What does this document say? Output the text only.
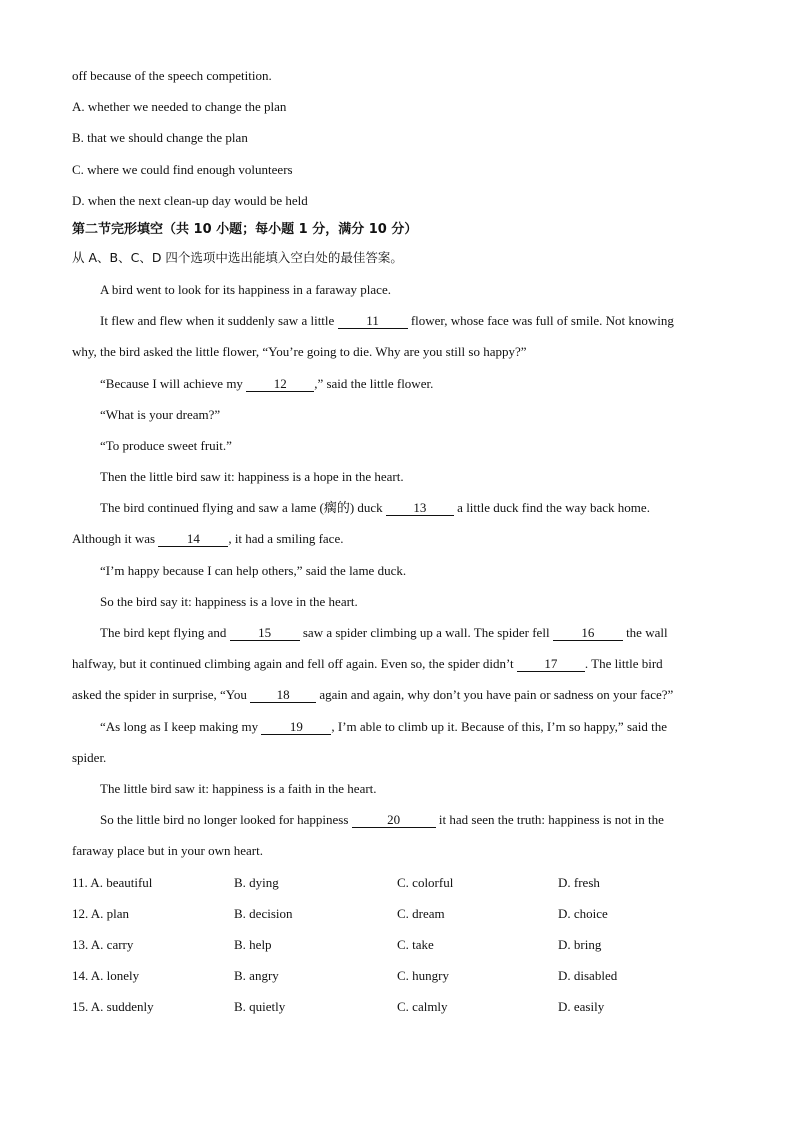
off because of the speech competition.
A. whether we needed to change the plan
B. that we should change the plan
C. where we could find enough volunteers
D. when the next clean-up day would be held
第二节完形填空（共 10 小题；每小题 1 分，满分 10 分）
从 A、B、C、D 四个选项中选出能填入空白处的最佳答案。
A bird went to look for its happiness in a faraway place.
It flew and flew when it suddenly saw a little 11 flower, whose face was full of smile. Not knowing
why, the bird asked the little flower, “You’re going to die. Why are you still so happy?”
“Because I will achieve my 12 ,” said the little flower.
“What is your dream?”
“To produce sweet fruit.”
Then the little bird saw it: happiness is a hope in the heart.
The bird continued flying and saw a lame (瘸的) duck 13 a little duck find the way back home.
Although it was 14 , it had a smiling face.
“I’m happy because I can help others,” said the lame duck.
So the bird say it: happiness is a love in the heart.
The bird kept flying and 15 saw a spider climbing up a wall. The spider fell 16 the wall
halfway, but it continued climbing again and fell off again. Even so, the spider didn’t 17 . The little bird
asked the spider in surprise, “You 18 again and again, why don’t you have pain or sadness on your face?”
“As long as I keep making my 19 , I’m able to climb up it. Because of this, I’m so happy,” said the
spider.
The little bird saw it: happiness is a faith in the heart.
So the little bird no longer looked for happiness	20	it had seen the truth: happiness is not in the
faraway place but in your own heart.
11. A. beautiful	B. dying	C. colorful	D. fresh
12. A. plan	B. decision	C. dream	D. choice
13. A. carry	B. help	C. take	D. bring
14. A. lonely	B. angry	C. hungry	D. disabled
15. A. suddenly	B. quietly	C. calmly	D. easily
